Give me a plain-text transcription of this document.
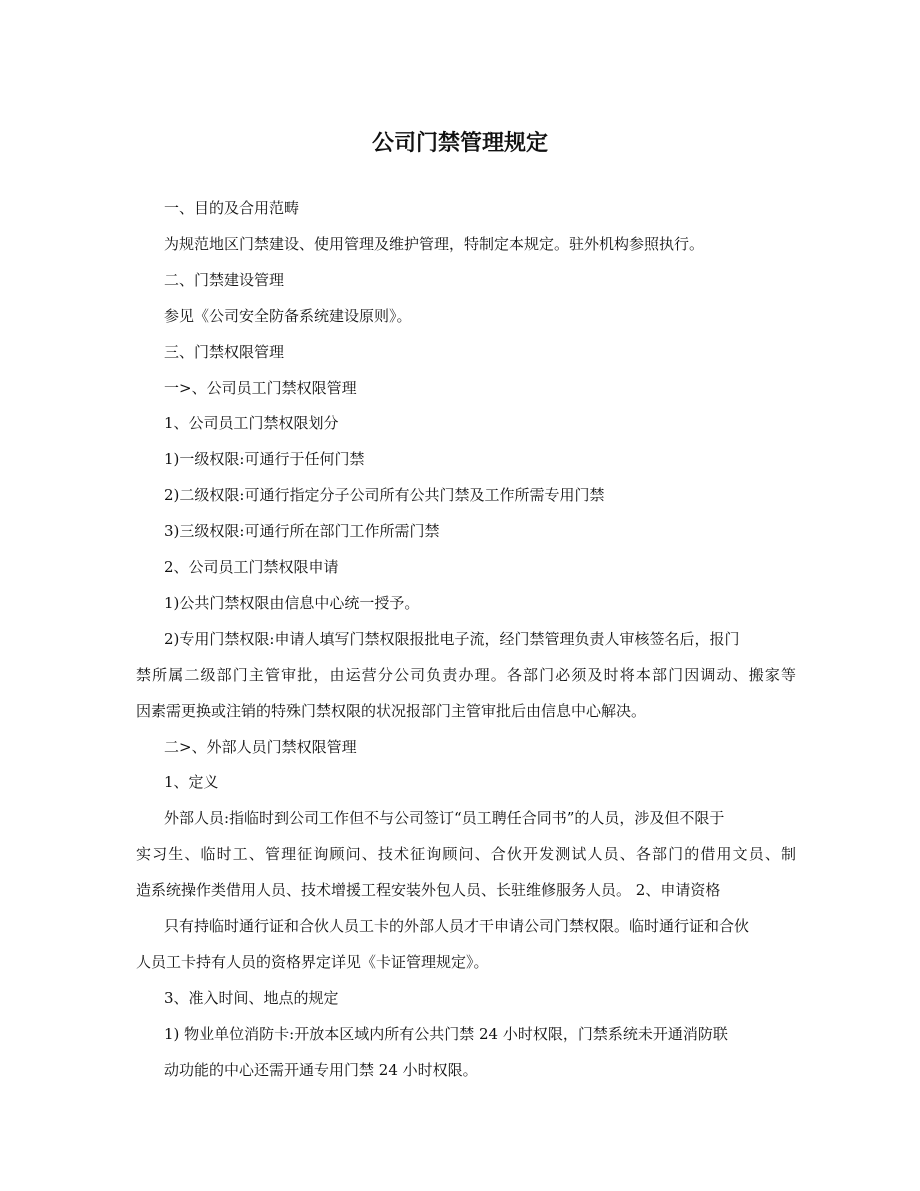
公司门禁管理规定
一、目的及合用范畴
为规范地区门禁建设、使用管理及维护管理，特制定本规定。驻外机构参照执行。
二、门禁建设管理
参见《公司安全防备系统建设原则》。
三、门禁权限管理
一>、公司员工门禁权限管理
1、公司员工门禁权限划分
1)一级权限:可通行于任何门禁
2)二级权限:可通行指定分子公司所有公共门禁及工作所需专用门禁
3)三级权限:可通行所在部门工作所需门禁
2、公司员工门禁权限申请
1)公共门禁权限由信息中心统一授予。
2)专用门禁权限:申请人填写门禁权限报批电子流，经门禁管理负责人审核签名后，报门
禁所属二级部门主管审批，由运营分公司负责办理。各部门必须及时将本部门因调动、搬家等
因素需更换或注销的特殊门禁权限的状况报部门主管审批后由信息中心解决。
二>、外部人员门禁权限管理
1、定义
外部人员:指临时到公司工作但不与公司签订“员工聘任合同书”的人员，涉及但不限于
实习生、临时工、管理征询顾问、技术征询顾问、合伙开发测试人员、各部门的借用文员、制
造系统操作类借用人员、技术增援工程安装外包人员、长驻维修服务人员。 2、申请资格
只有持临时通行证和合伙人员工卡的外部人员才干申请公司门禁权限。临时通行证和合伙
人员工卡持有人员的资格界定详见《卡证管理规定》。
3、准入时间、地点的规定
1) 物业单位消防卡:开放本区域内所有公共门禁 24 小时权限，门禁系统未开通消防联
动功能的中心还需开通专用门禁 24 小时权限。
